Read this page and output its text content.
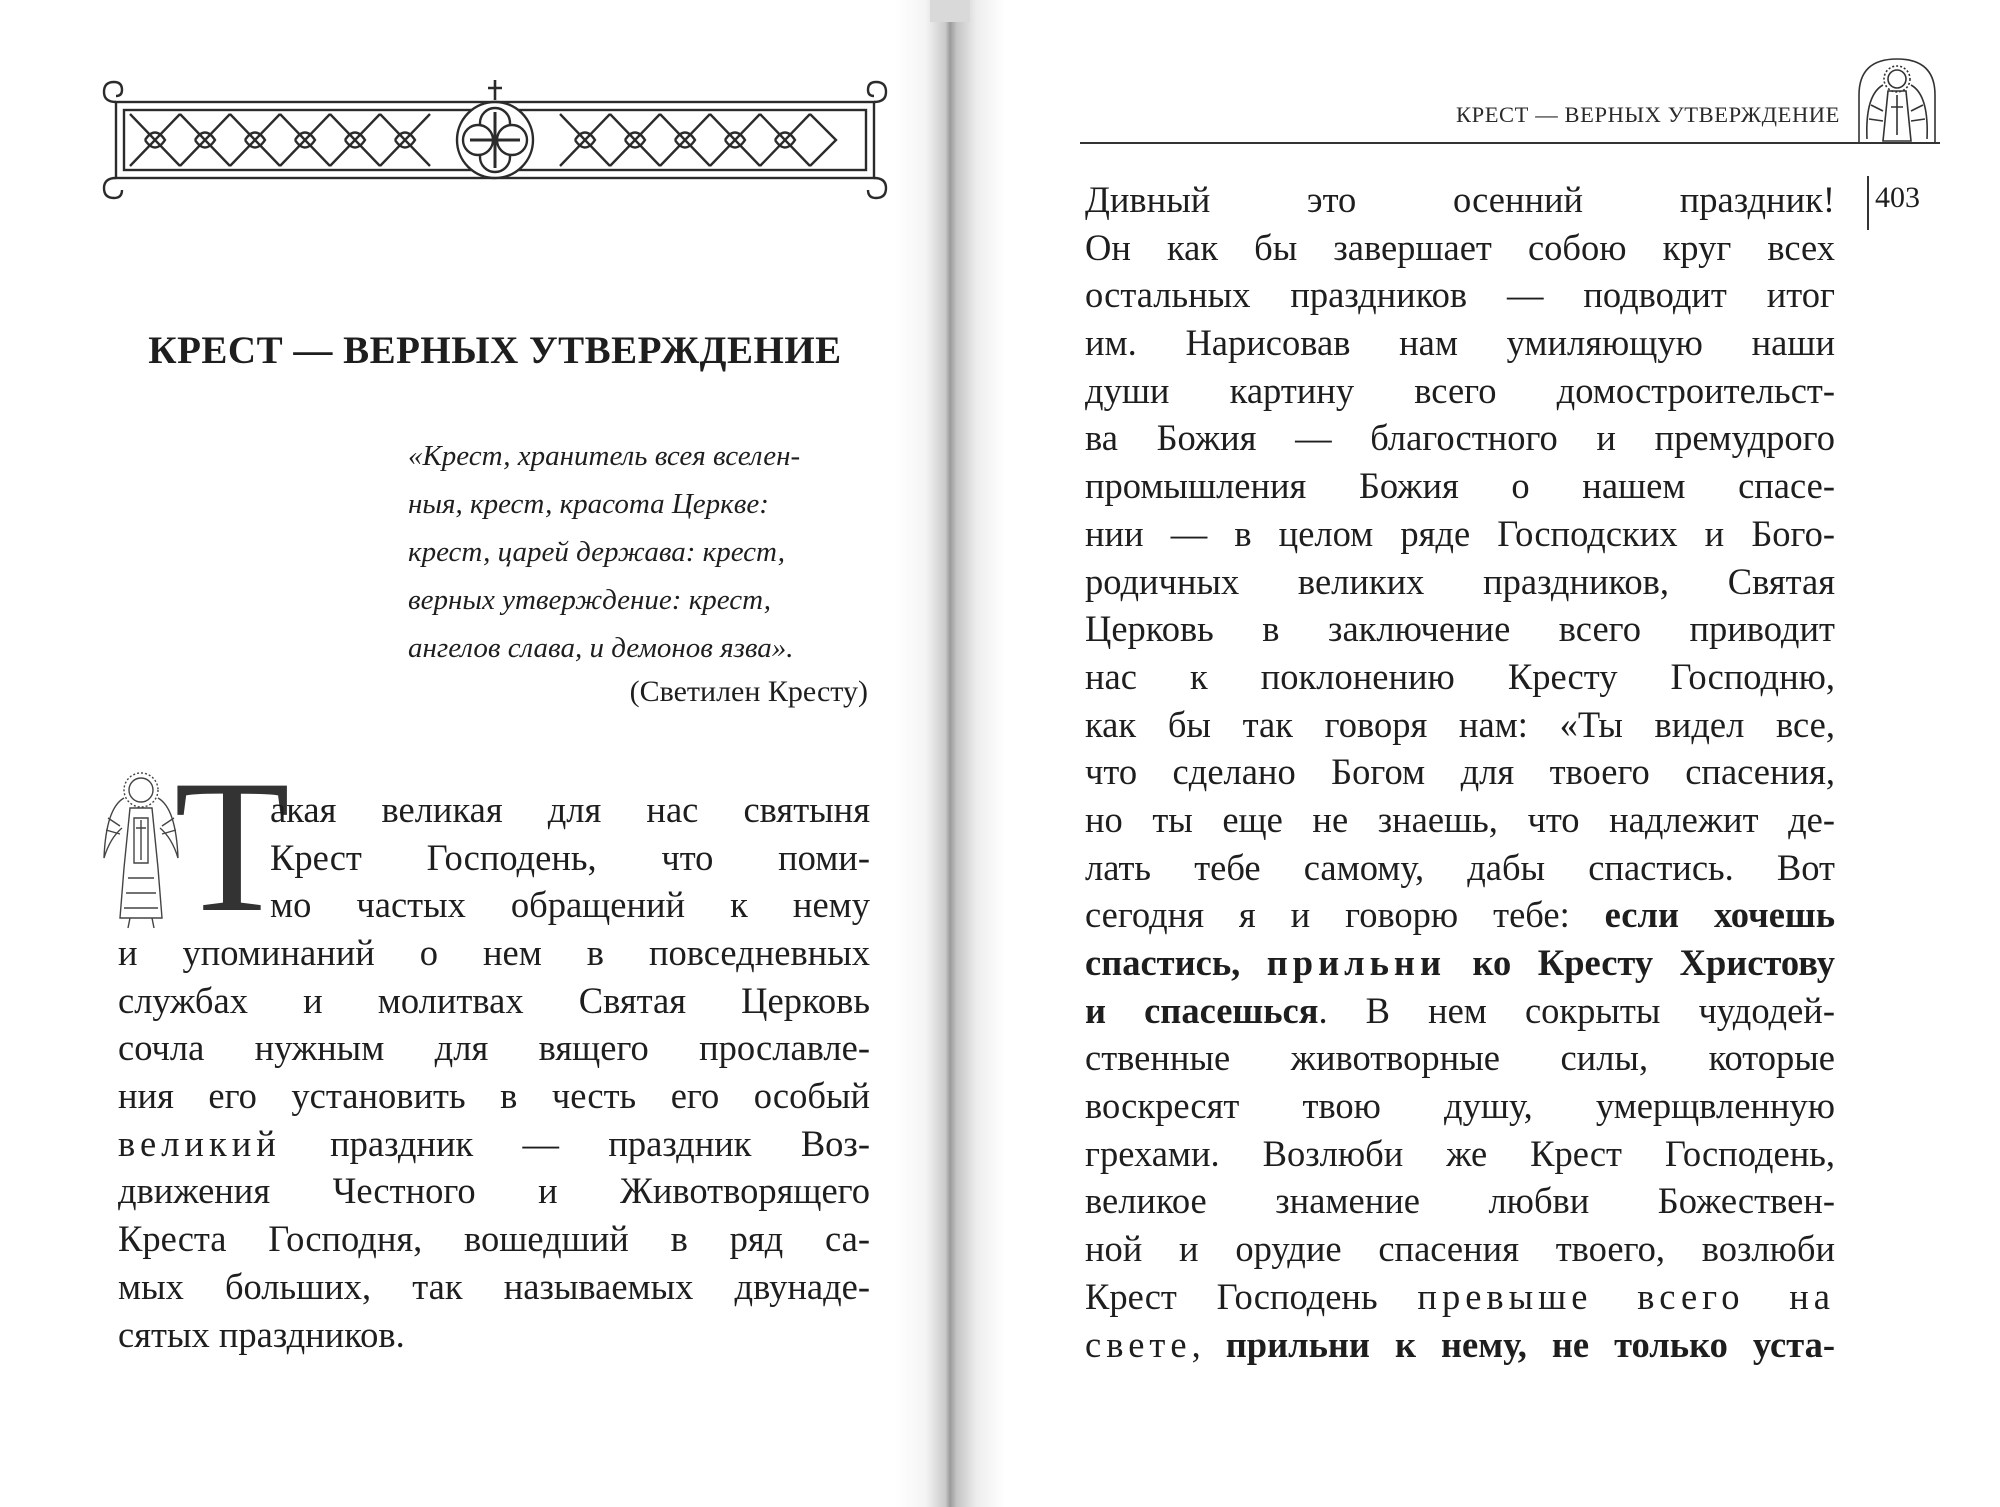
КРЕСТ — ВЕРНЫХ УТВЕРЖДЕНИЕ
«Крест, хранитель всея вселен-
ныя, крест, красота Церкве:
крест, царей держава: крест,
верных утверждение: крест,
ангелов слава, и демонов язва».
(Светилен Кресту)
Т
акая великая для нас святыня
Крест Господень, что поми-
мо частых обращений к нему
и упоминаний о нем в повседневных
службах и молитвах Святая Церковь
сочла нужным для вящего прославле-
ния его установить в честь его особый
великий праздник — праздник Воз-
движения Честного и Животворящего
Креста Господня, вошедший в ряд са-
мых больших, так называемых двунаде-
сятых праздников.
КРЕСТ — ВЕРНЫХ УТВЕРЖДЕНИЕ
403
Дивный это осенний праздник!
Он как бы завершает собою круг всех
остальных праздников — подводит итог
им. Нарисовав нам умиляющую наши
души картину всего домостроительст-
ва Божия — благостного и премудрого
промышления Божия о нашем спасе-
нии — в целом ряде Господских и Бого-
родичных великих праздников, Святая
Церковь в заключение всего приводит
нас к поклонению Кресту Господню,
как бы так говоря нам: «Ты видел все,
что сделано Богом для твоего спасения,
но ты еще не знаешь, что надлежит де-
лать тебе самому, дабы спастись. Вот
сегодня я и говорю тебе: если хочешь
спастись, прильни ко Кресту Христову
и спасешься. В нем сокрыты чудодей-
ственные животворные силы, которые
воскресят твою душу, умерщвленную
грехами. Возлюби же Крест Господень,
великое знамение любви Божествен-
ной и орудие спасения твоего, возлюби
Крест Господень превыше всего на
свете, прильни к нему, не только уста-
